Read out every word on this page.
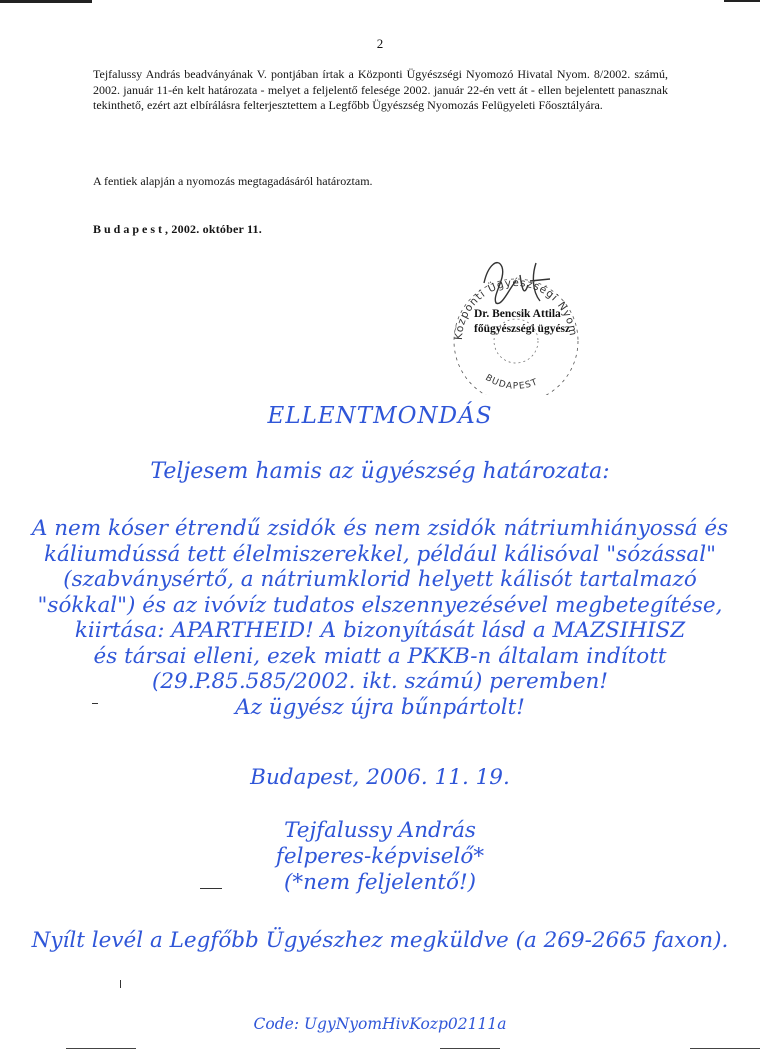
2

Tejfalussy András beadványának V. pontjában írtak a Központi Ügyészségi Nyomozó Hivatal Nyom. 8/2002. számú, 2002. január 11-én kelt határozata - melyet a feljelentő felesége 2002. január 22-én vett át - ellen bejelentett panasznak tekinthető, ezért azt elbírálásra felterjesztettem a Legfőbb Ügyészség Nyomozás Felügyeleti Főosztályára.

A fentiek alapján a nyomozás megtagadásáról határoztam.

Budapest, 2002. október 11.
Központi Ügyészségi Nyom
BUDAPEST
Dr. Bencsik Attila
főügyészségi ügyész
ELLENTMONDÁS
Teljesem hamis az ügyészség határozata:
A nem kóser étrendű zsidók és nem zsidók nátriumhiányossá és
káliumdússá tett élelmiszerekkel, például kálisóval "sózással"
(szabványsértő, a nátriumklorid helyett kálisót tartalmazó
"sókkal") és az ivóvíz tudatos elszennyezésével megbetegítése,
kiirtása: APARTHEID! A bizonyítását lásd a MAZSIHISZ
és társai elleni, ezek miatt a PKKB-n általam indított
(29.P.85.585/2002. ikt. számú) peremben!
Az ügyész újra bűnpártolt!
Budapest, 2006. 11. 19.
Tejfalussy András
felperes-képviselő*
(*nem feljelentő!)
Nyílt levél a Legfőbb Ügyészhez megküldve (a 269-2665 faxon).
Code: UgyNyomHivKozp02111a
